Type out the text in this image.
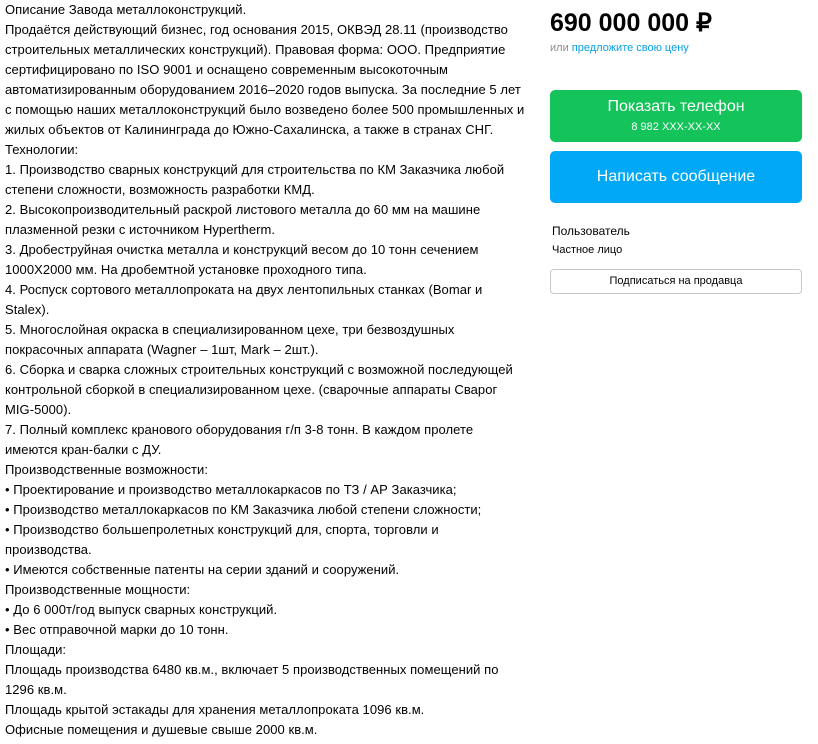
Описание Завода металлоконструкций.

Продаётся действующий бизнес, год основания 2015, ОКВЭД 28.11 (производство строительных металлических конструкций). Правовая форма: ООО. Предприятие сертифицировано по ISO 9001 и оснащено современным высокоточным автоматизированным оборудованием 2016–2020 годов выпуска. За последние 5 лет с помощью наших металлоконструкций было возведено более 500 промышленных и жилых объектов от Калининграда до Южно-Сахалинска, а также в странах СНГ.

Технологии:

1. Производство сварных конструкций для строительства по КМ Заказчика любой степени сложности, возможность разработки КМД.

2. Высокопроизводительный раскрой листового металла до 60 мм на машине плазменной резки с источником Hypertherm.

3. Дробеструйная очистка металла и конструкций весом до 10 тонн сечением 1000X2000 мм. На дробемтной установке проходного типа.

4. Роспуск сортового металлопроката на двух лентопильных станках (Bomar и Stalex).

5. Многослойная окраска в специализированном цехе, три безвоздушных покрасочных аппарата (Wagner – 1шт, Mark – 2шт.).

6. Сборка и сварка сложных строительных конструкций с возможной последующей контрольной сборкой в специализированном цехе. (сварочные аппараты Сварог MIG-5000).

7. Полный комплекс кранового оборудования г/п 3-8 тонн. В каждом пролете имеются кран-балки с ДУ.

Производственные возможности:

• Проектирование и производство металлокаркасов по ТЗ / АР Заказчика;

• Производство металлокаркасов по КМ Заказчика любой степени сложности;

• Производство большепролетных конструкций для, спорта, торговли и производства.

• Имеются собственные патенты на серии зданий и сооружений.

Производственные мощности:

• До 6 000т/год выпуск сварных конструкций.

• Вес отправочной марки до 10 тонн.

Площади:

Площадь производства 6480 кв.м., включает 5 производственных помещений по 1296 кв.м.

Площадь крытой эстакады для хранения металлопроката 1096 кв.м.

Офисные помещения и душевые свыше 2000 кв.м.

690 000 000 ₽
или предложите свою цену
Показать телефон
8 982 XXX-XX-XX
Написать сообщение
Пользователь
Частное лицо
Подписаться на продавца
